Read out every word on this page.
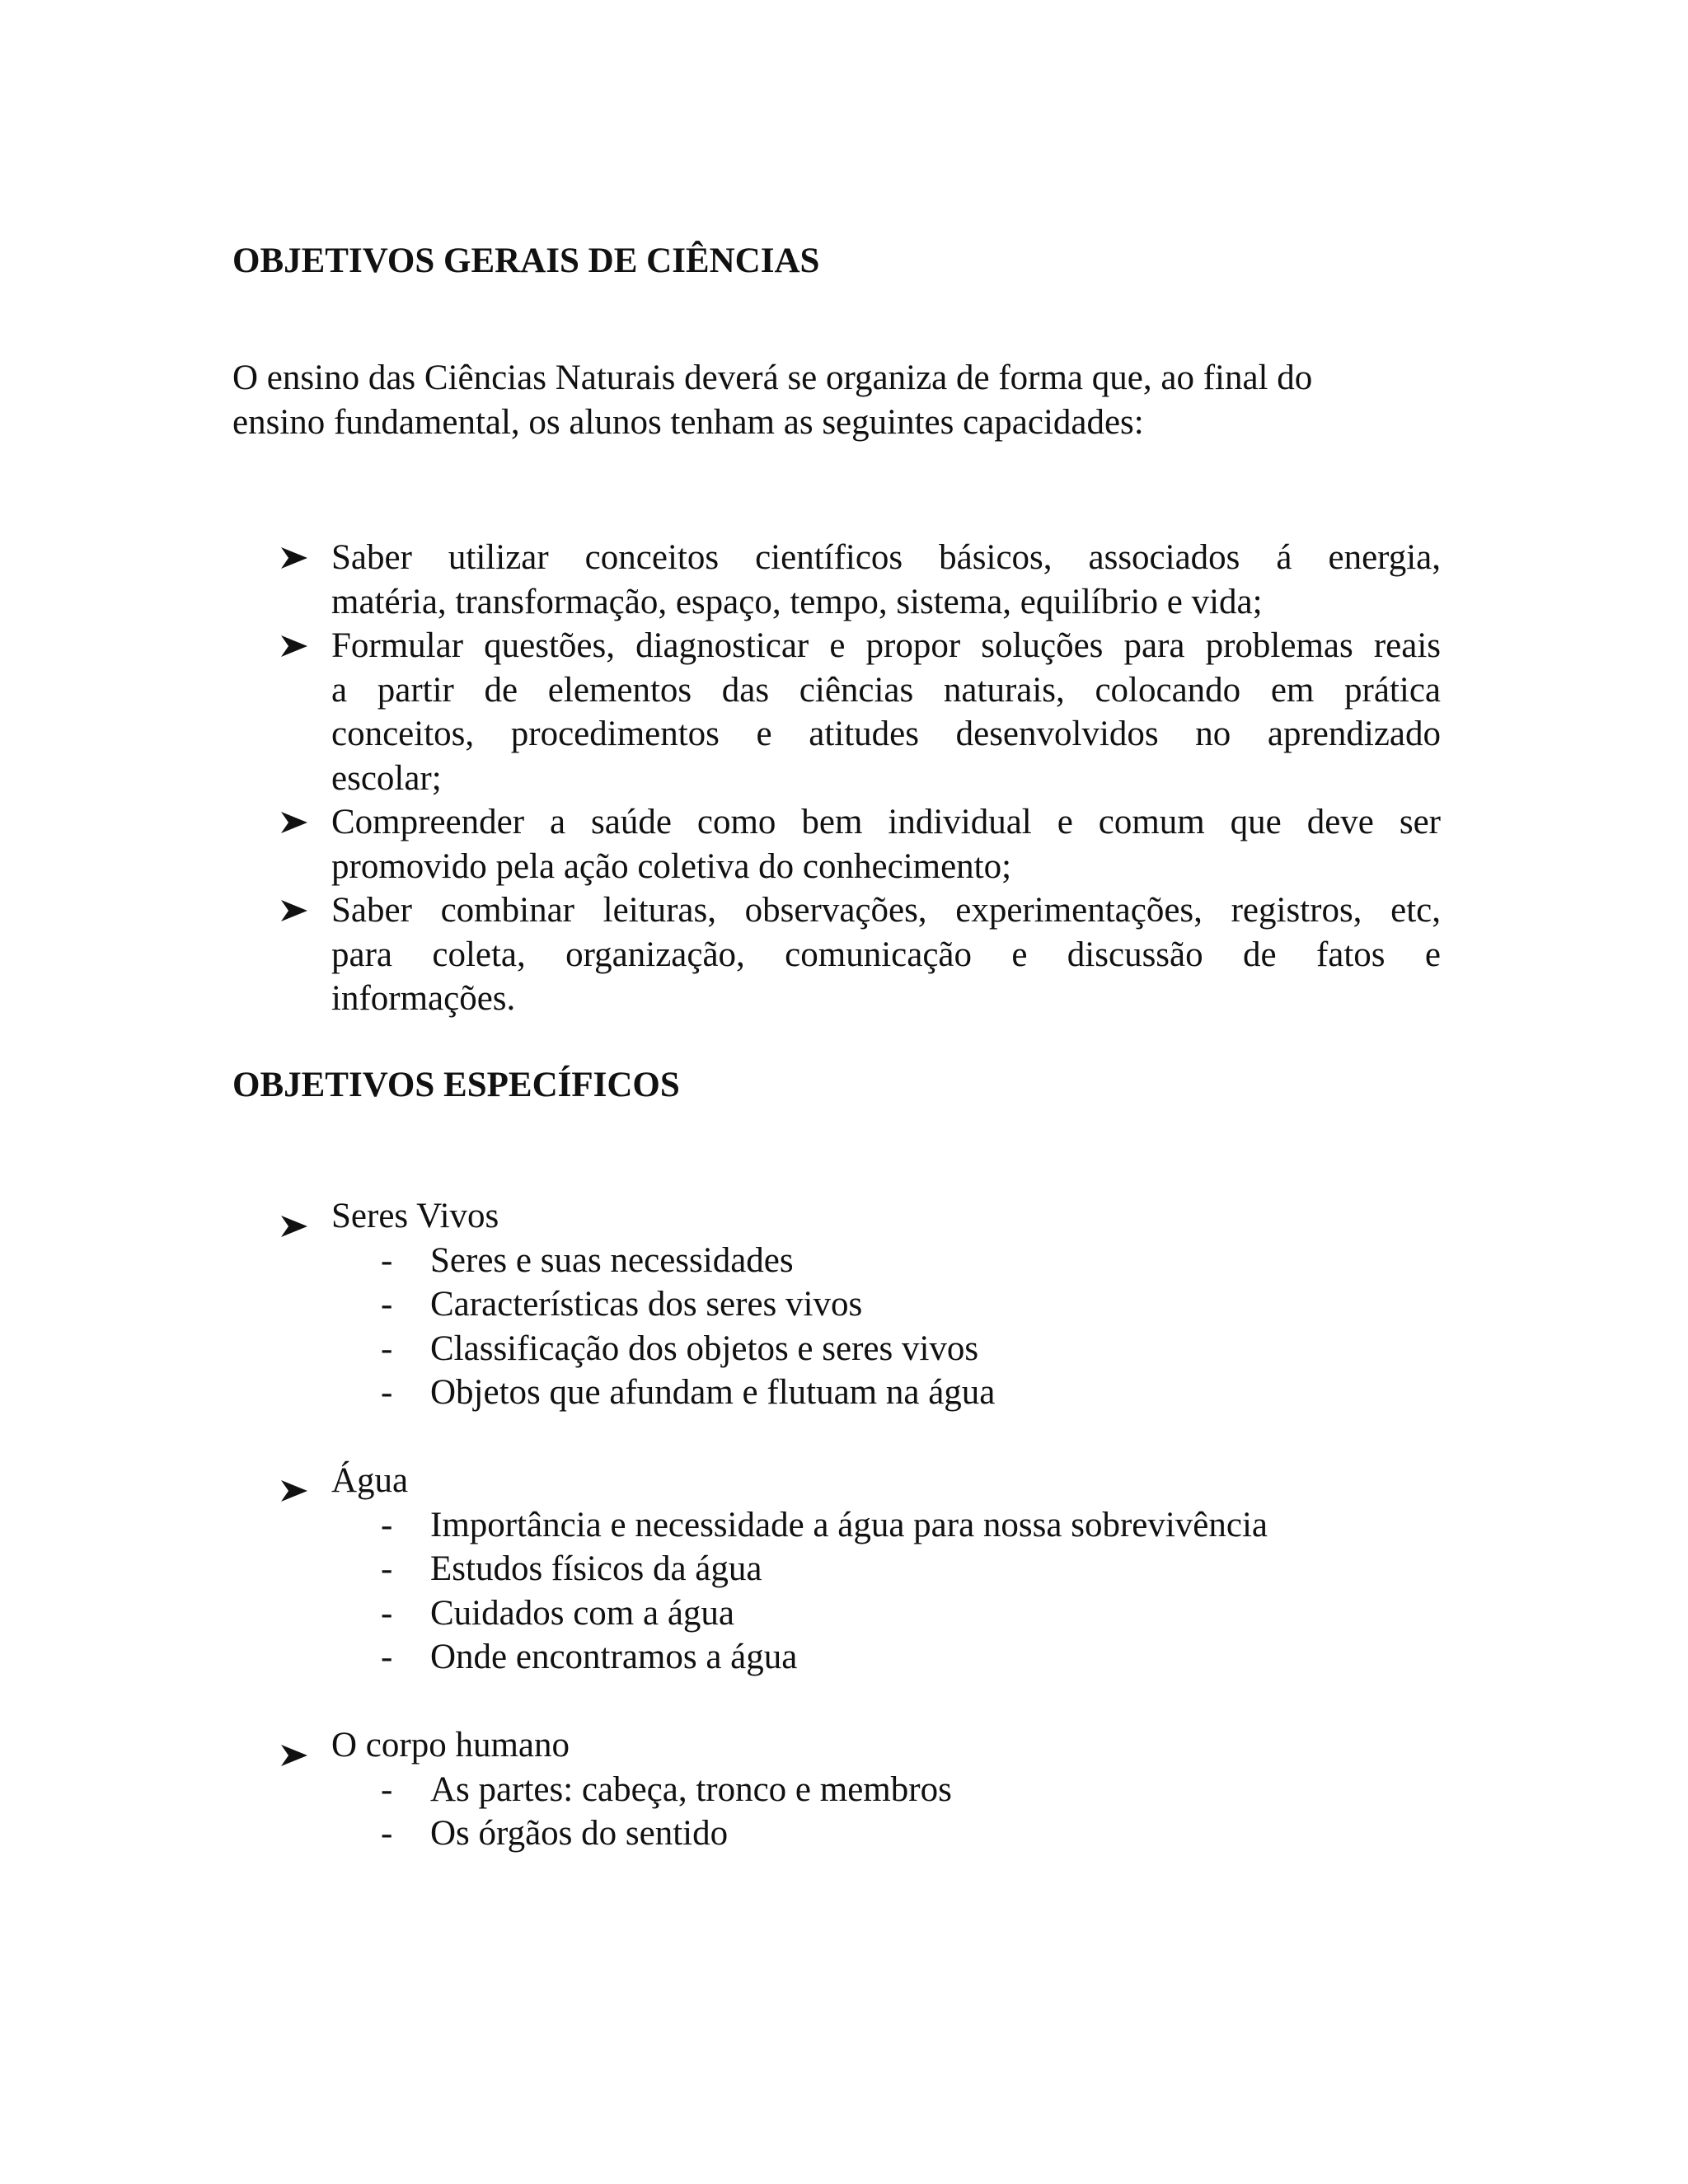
OBJETIVOS GERAIS DE CIÊNCIAS

O ensino das Ciências Naturais deverá se organiza de forma que, ao final do
ensino fundamental, os alunos tenham as seguintes capacidades:

Saber utilizar conceitos científicos básicos, associados á energia,
matéria, transformação, espaço, tempo, sistema, equilíbrio e vida;
Formular questões, diagnosticar e propor soluções para problemas reais
a partir de elementos das ciências naturais, colocando em prática
conceitos, procedimentos e atitudes desenvolvidos no aprendizado
escolar;
Compreender a saúde como bem individual e comum que deve ser
promovido pela ação coletiva do conhecimento;
Saber combinar leituras, observações, experimentações, registros, etc,
para coleta, organização, comunicação e discussão de fatos e
informações.
OBJETIVOS ESPECÍFICOS
Seres Vivos
- Seres e suas necessidades
- Características dos seres vivos
- Classificação dos objetos e seres vivos
- Objetos que afundam e flutuam na água
Água
- Importância e necessidade a água para nossa sobrevivência
- Estudos físicos da água
- Cuidados com a água
- Onde encontramos a água
O corpo humano
- As partes: cabeça, tronco e membros
- Os órgãos do sentido
